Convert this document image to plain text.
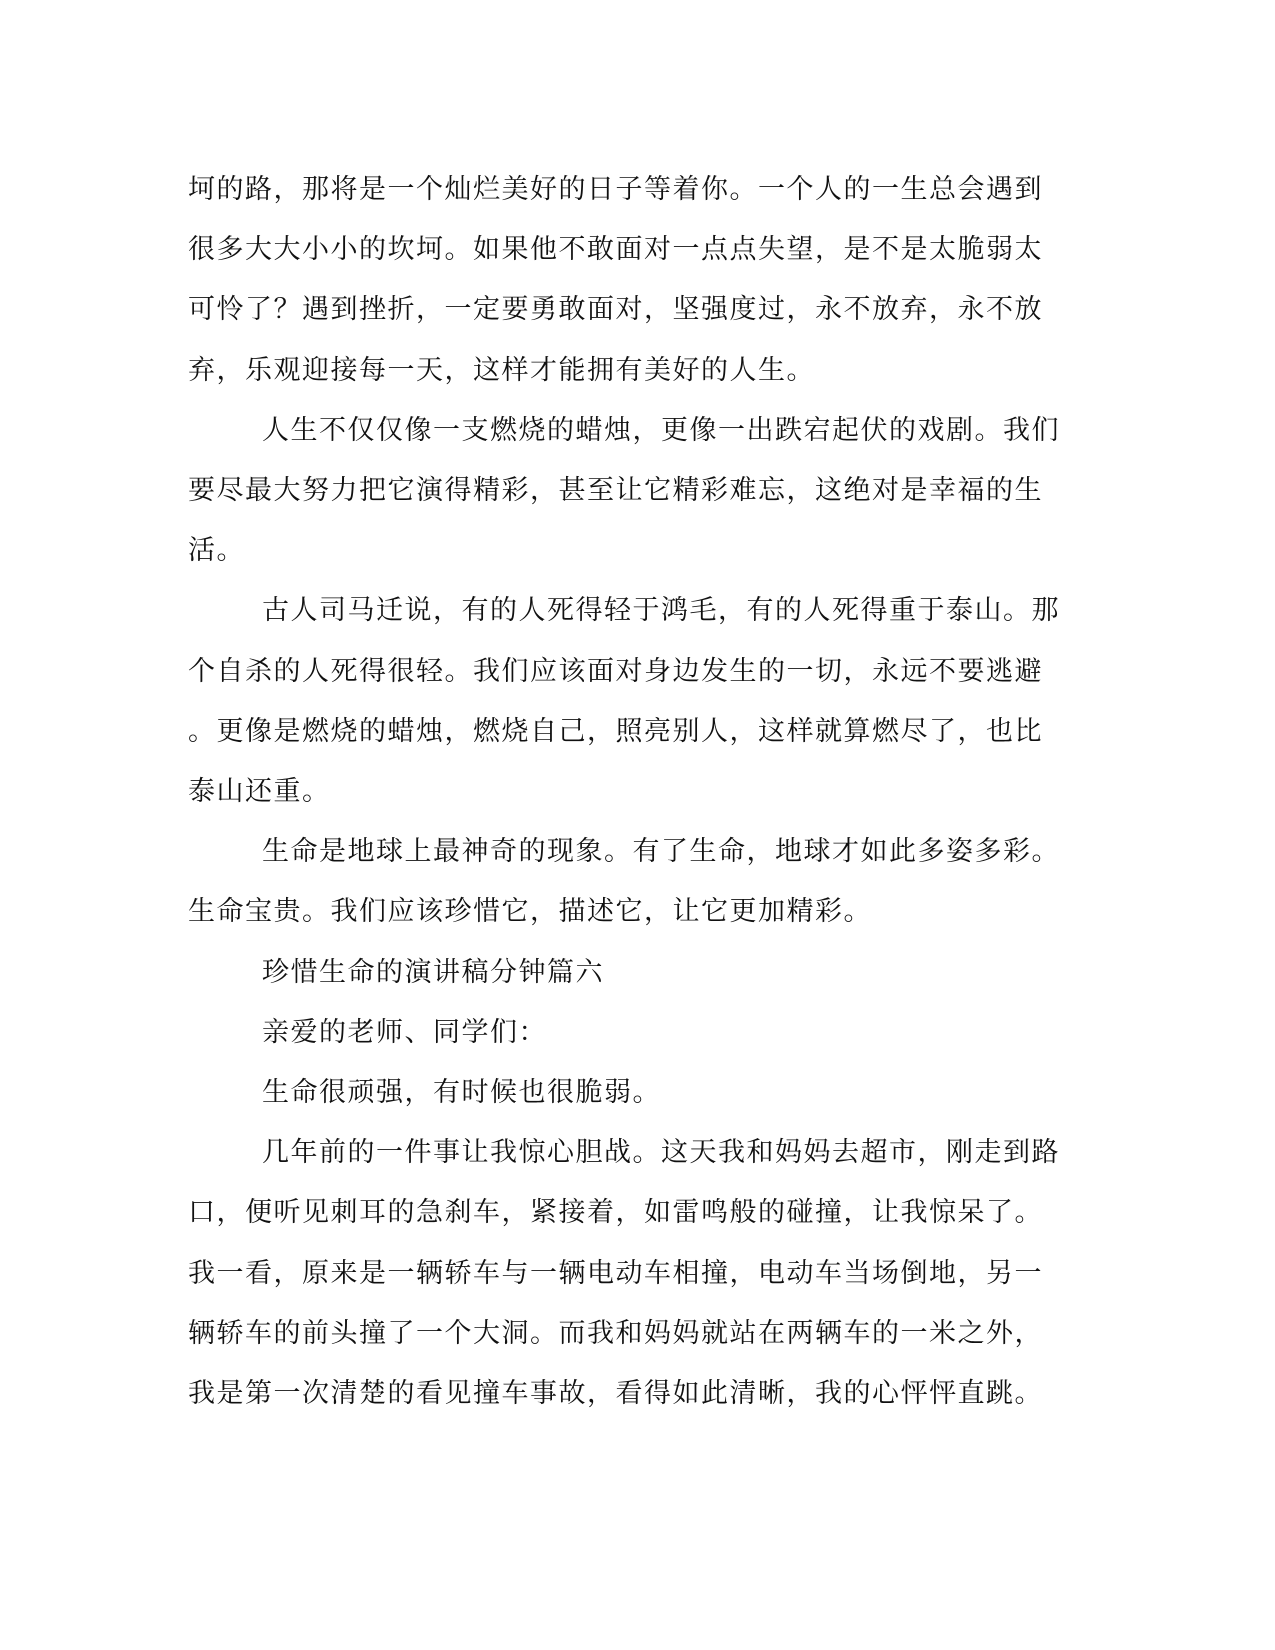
坷的路，那将是一个灿烂美好的日子等着你。一个人的一生总会遇到

很多大大小小的坎坷。如果他不敢面对一点点失望，是不是太脆弱太

可怜了？遇到挫折，一定要勇敢面对，坚强度过，永不放弃，永不放

弃，乐观迎接每一天，这样才能拥有美好的人生。

人生不仅仅像一支燃烧的蜡烛，更像一出跌宕起伏的戏剧。我们

要尽最大努力把它演得精彩，甚至让它精彩难忘，这绝对是幸福的生

活。

古人司马迁说，有的人死得轻于鸿毛，有的人死得重于泰山。那

个自杀的人死得很轻。我们应该面对身边发生的一切，永远不要逃避

。更像是燃烧的蜡烛，燃烧自己，照亮别人，这样就算燃尽了，也比

泰山还重。

生命是地球上最神奇的现象。有了生命，地球才如此多姿多彩。

生命宝贵。我们应该珍惜它，描述它，让它更加精彩。

珍惜生命的演讲稿分钟篇六

亲爱的老师、同学们：

生命很顽强，有时候也很脆弱。

几年前的一件事让我惊心胆战。这天我和妈妈去超市，刚走到路

口，便听见刺耳的急刹车，紧接着，如雷鸣般的碰撞，让我惊呆了。

我一看，原来是一辆轿车与一辆电动车相撞，电动车当场倒地，另一

辆轿车的前头撞了一个大洞。而我和妈妈就站在两辆车的一米之外，

我是第一次清楚的看见撞车事故，看得如此清晰，我的心怦怦直跳。
